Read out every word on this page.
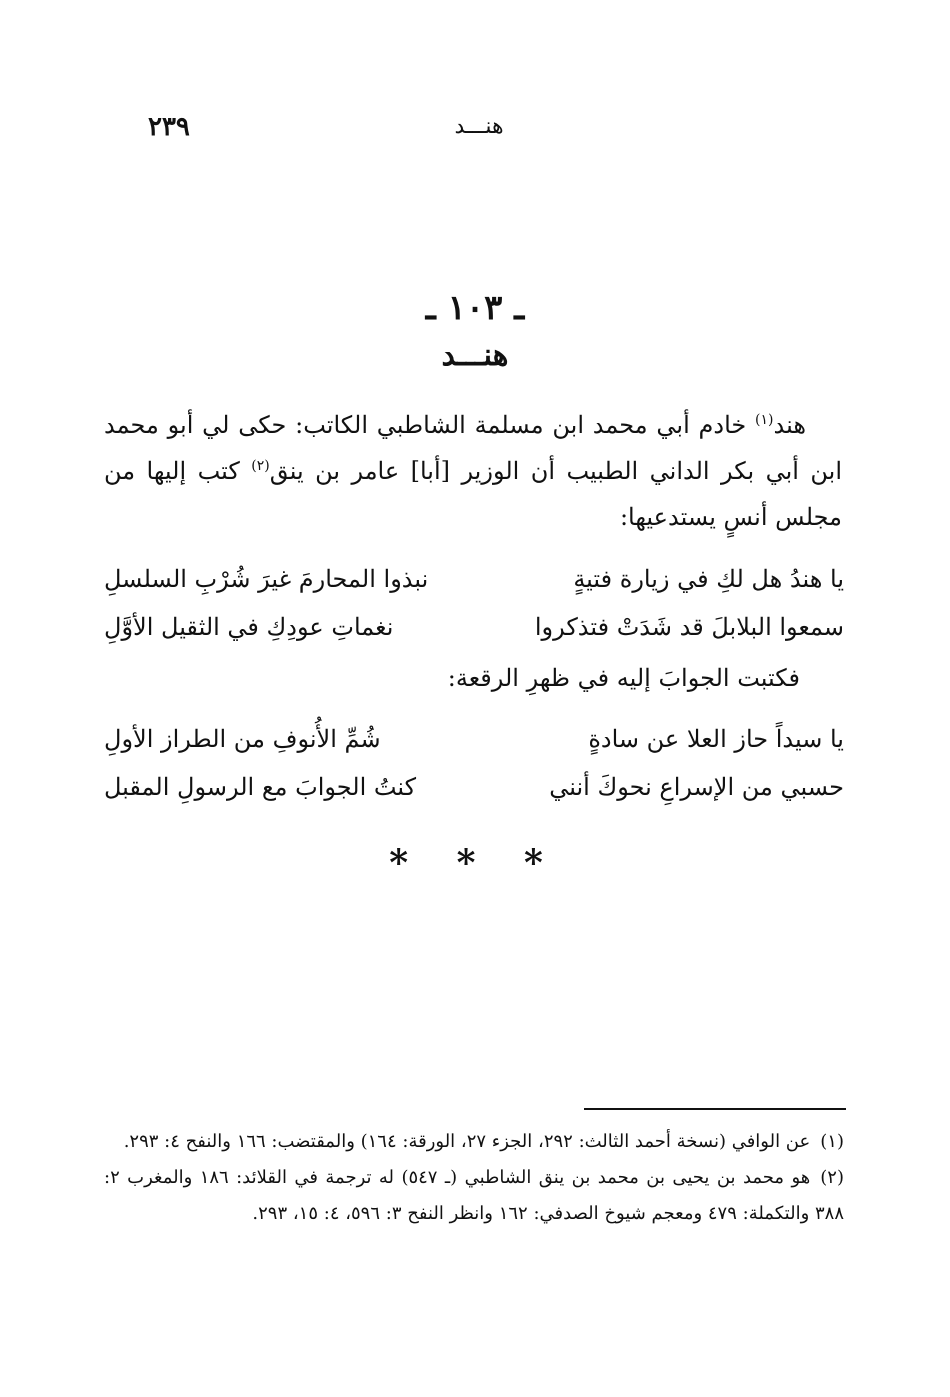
٢٣٩	هنـــد
ـ ١٠٣ ـ
هنـــد

هند$^{(١)}$ خادم أبي محمد ابن مسلمة الشاطبي الكاتب: حكى لي أبو محمد ابن أبي بكر الداني الطبيب أن الوزير [أبا] عامر بن ينق$^{(٢)}$ كتب إليها من مجلس أنسٍ يستدعيها:

يا هندُ هل لكِ في زيارة فتيةٍ
نبذوا المحارمَ غيرَ شُرْبِ السلسلِ
سمعوا البلابلَ قد شَدَتْ فتذكروا
نغماتِ عودِكِ في الثقيل الأوَّلِ
فكتبت الجوابَ إليه في ظهرِ الرقعة:
يا سيداً حاز العلا عن سادةٍ
شُمِّ الأُنوفِ من الطراز الأولِ
حسبي من الإسراعِ نحوكَ أنني
كنتُ الجوابَ مع الرسولِ المقبل
* * *

(١)عن الوافي (نسخة أحمد الثالث: ٢٩٢، الجزء ٢٧، الورقة: ١٦٤) والمقتضب: ١٦٦ والنفح ٤: ٢٩٣.

(٢)هو محمد بن يحيى بن محمد بن ينق الشاطبي (ـ ٥٤٧) له ترجمة في القلائد: ١٨٦ والمغرب ٢: ٣٨٨ والتكملة: ٤٧٩ ومعجم شيوخ الصدفي: ١٦٢ وانظر النفح ٣: ٥٩٦، ٤: ١٥، ٢٩٣.
